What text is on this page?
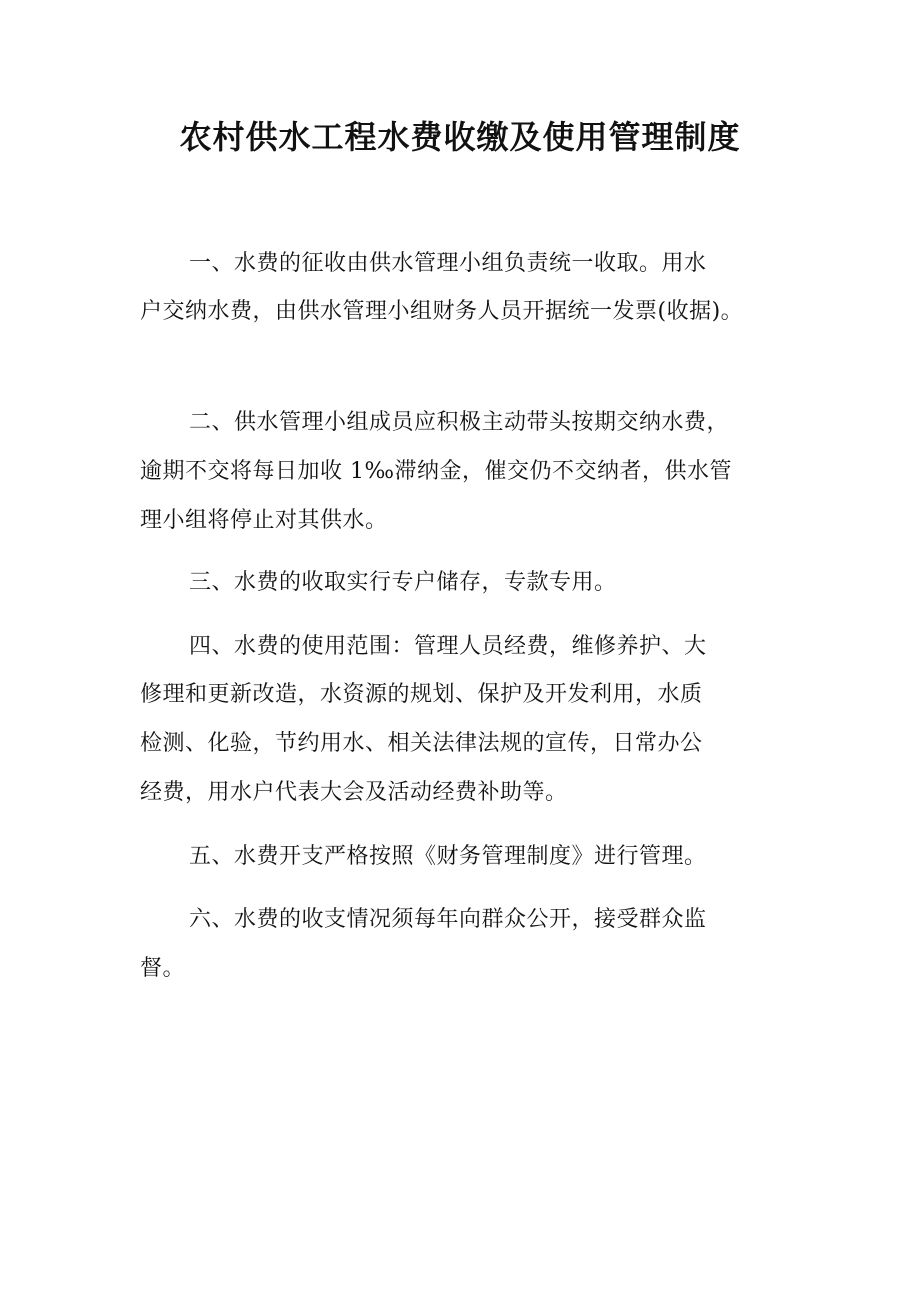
农村供水工程水费收缴及使用管理制度

一、水费的征收由供水管理小组负责统一收取。用水

户交纳水费，由供水管理小组财务人员开据统一发票(收据)。

二、供水管理小组成员应积极主动带头按期交纳水费，

逾期不交将每日加收 1‰滞纳金，催交仍不交纳者，供水管

理小组将停止对其供水。

三、水费的收取实行专户储存，专款专用。

四、水费的使用范围：管理人员经费，维修养护、大

修理和更新改造，水资源的规划、保护及开发利用，水质

检测、化验，节约用水、相关法律法规的宣传，日常办公

经费，用水户代表大会及活动经费补助等。

五、水费开支严格按照《财务管理制度》进行管理。

六、水费的收支情况须每年向群众公开，接受群众监

督。
